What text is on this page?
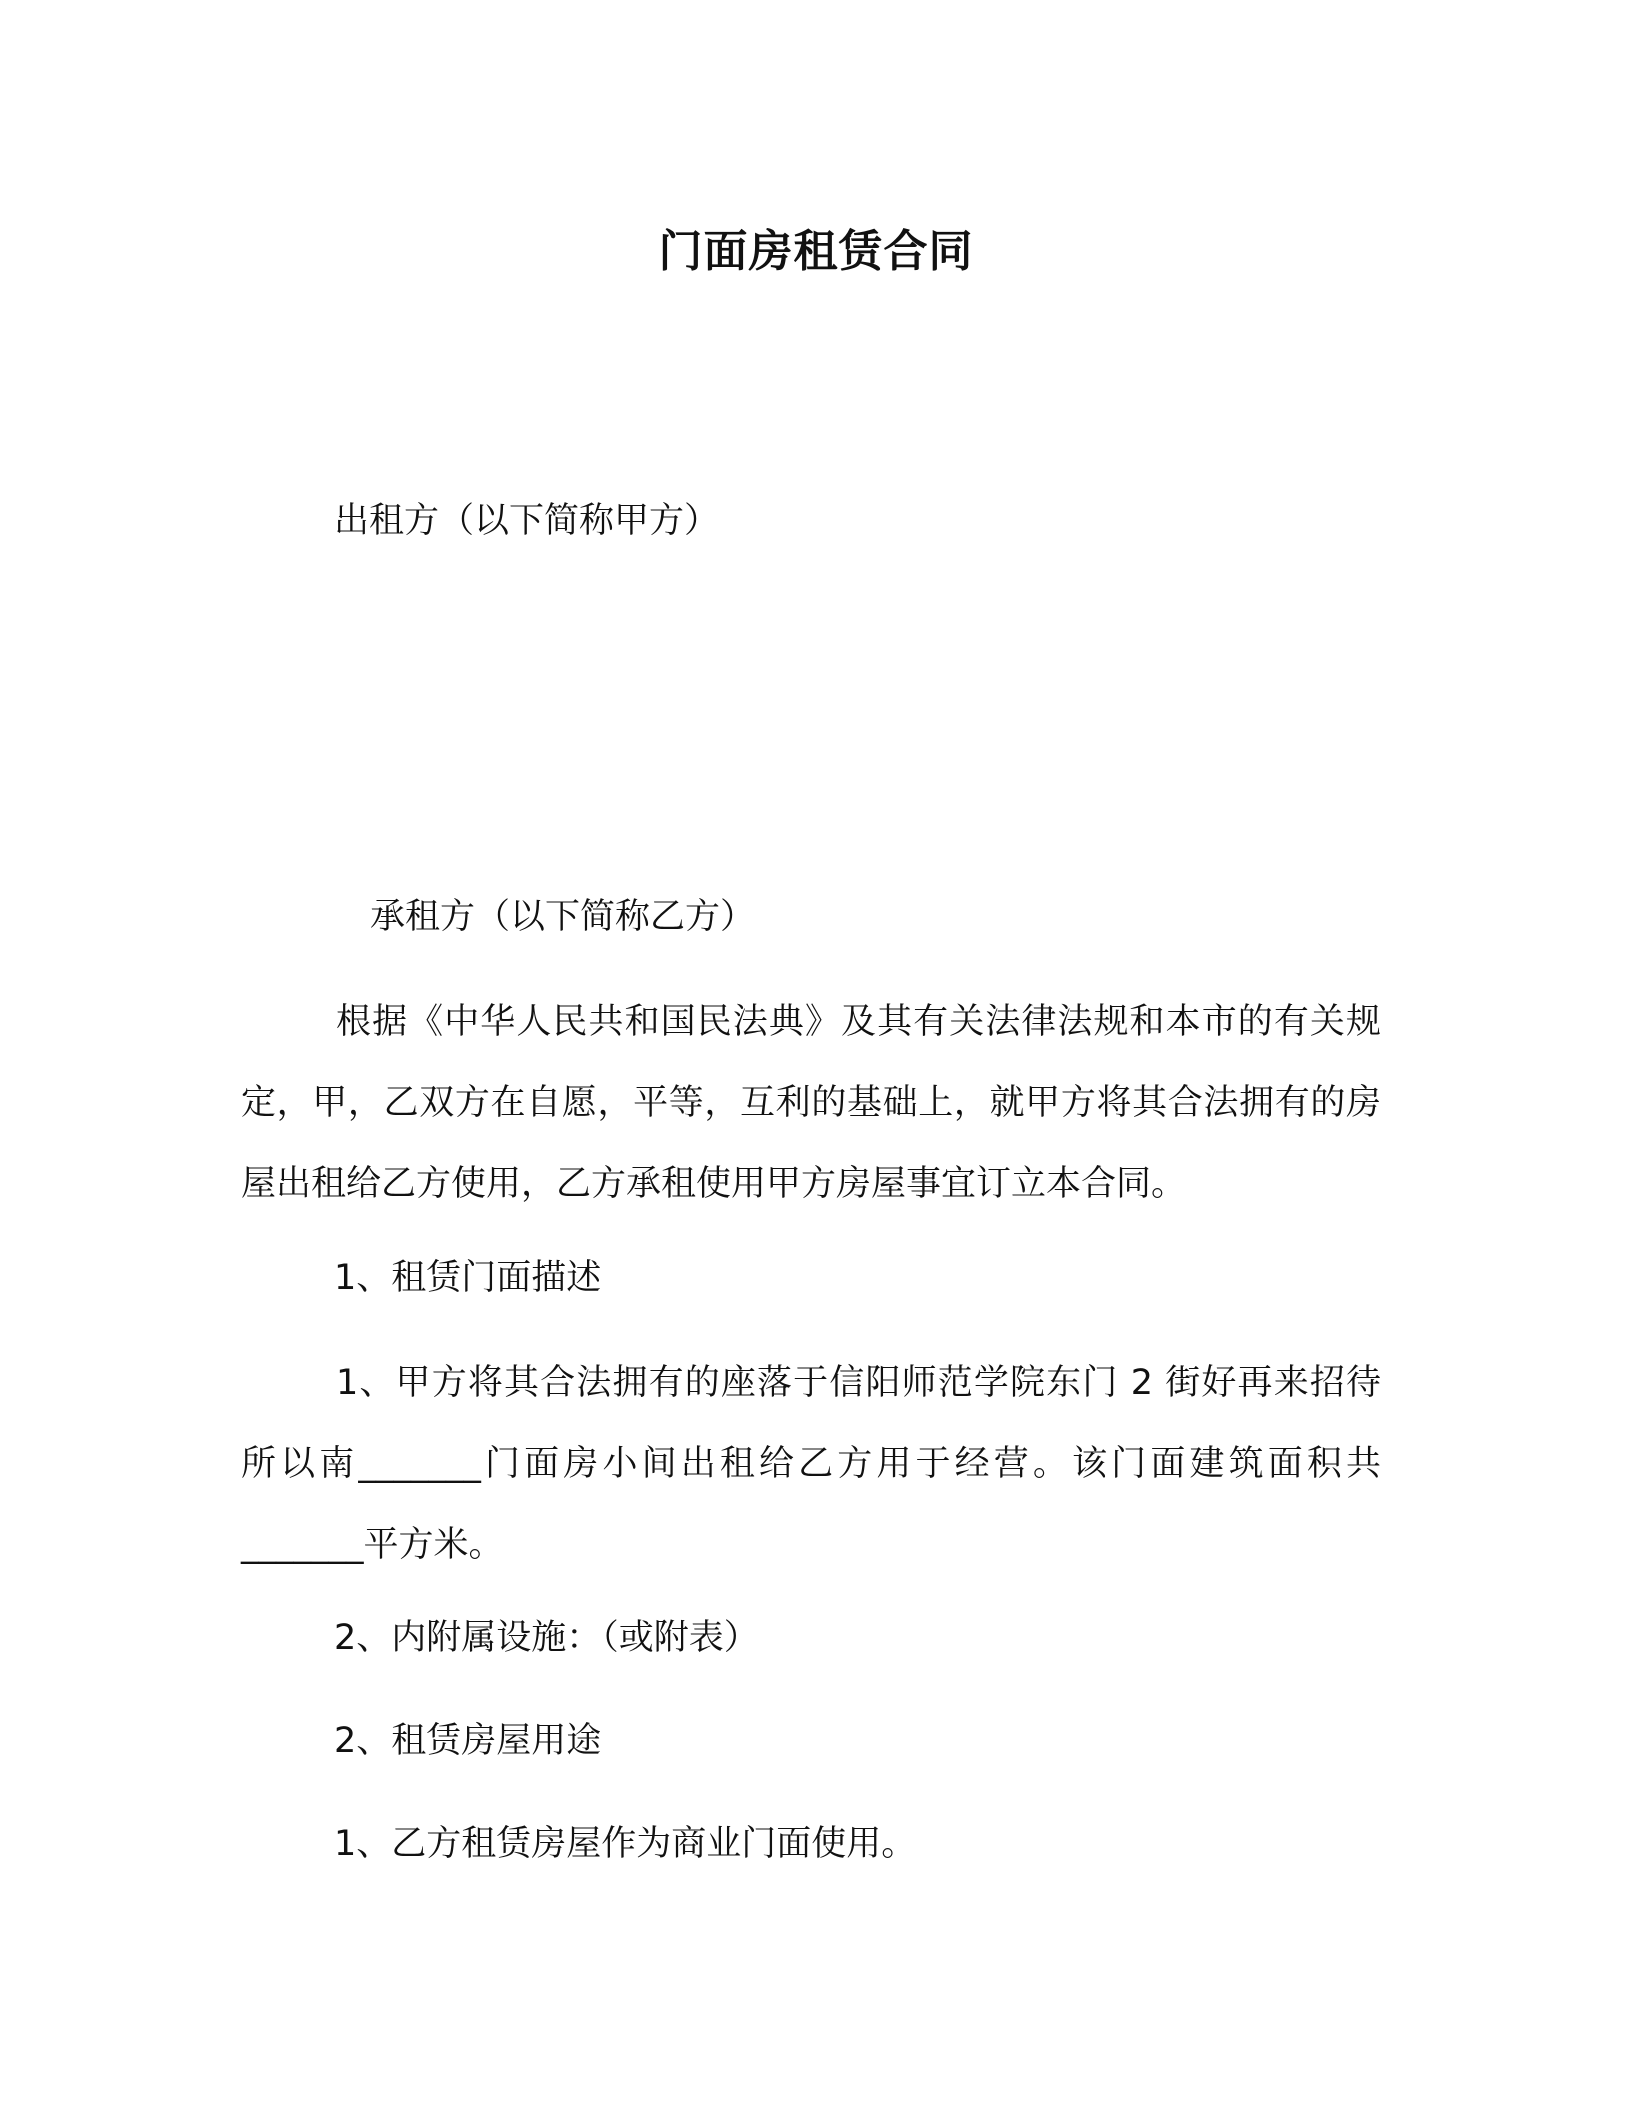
门面房租赁合同
出租方（以下简称甲方）
承租方（以下简称乙方）
根据《中华人民共和国民法典》及其有关法律法规和本市的有关规定，甲，乙双方在自愿，平等，互利的基础上，就甲方将其合法拥有的房屋出租给乙方使用，乙方承租使用甲方房屋事宜订立本合同。
1、租赁门面描述
1、甲方将其合法拥有的座落于信阳师范学院东门 2 街好再来招待所以南_______门面房小间出租给乙方用于经营。该门面建筑面积共_______平方米。
2、内附属设施：（或附表）
2、租赁房屋用途
1、乙方租赁房屋作为商业门面使用。
